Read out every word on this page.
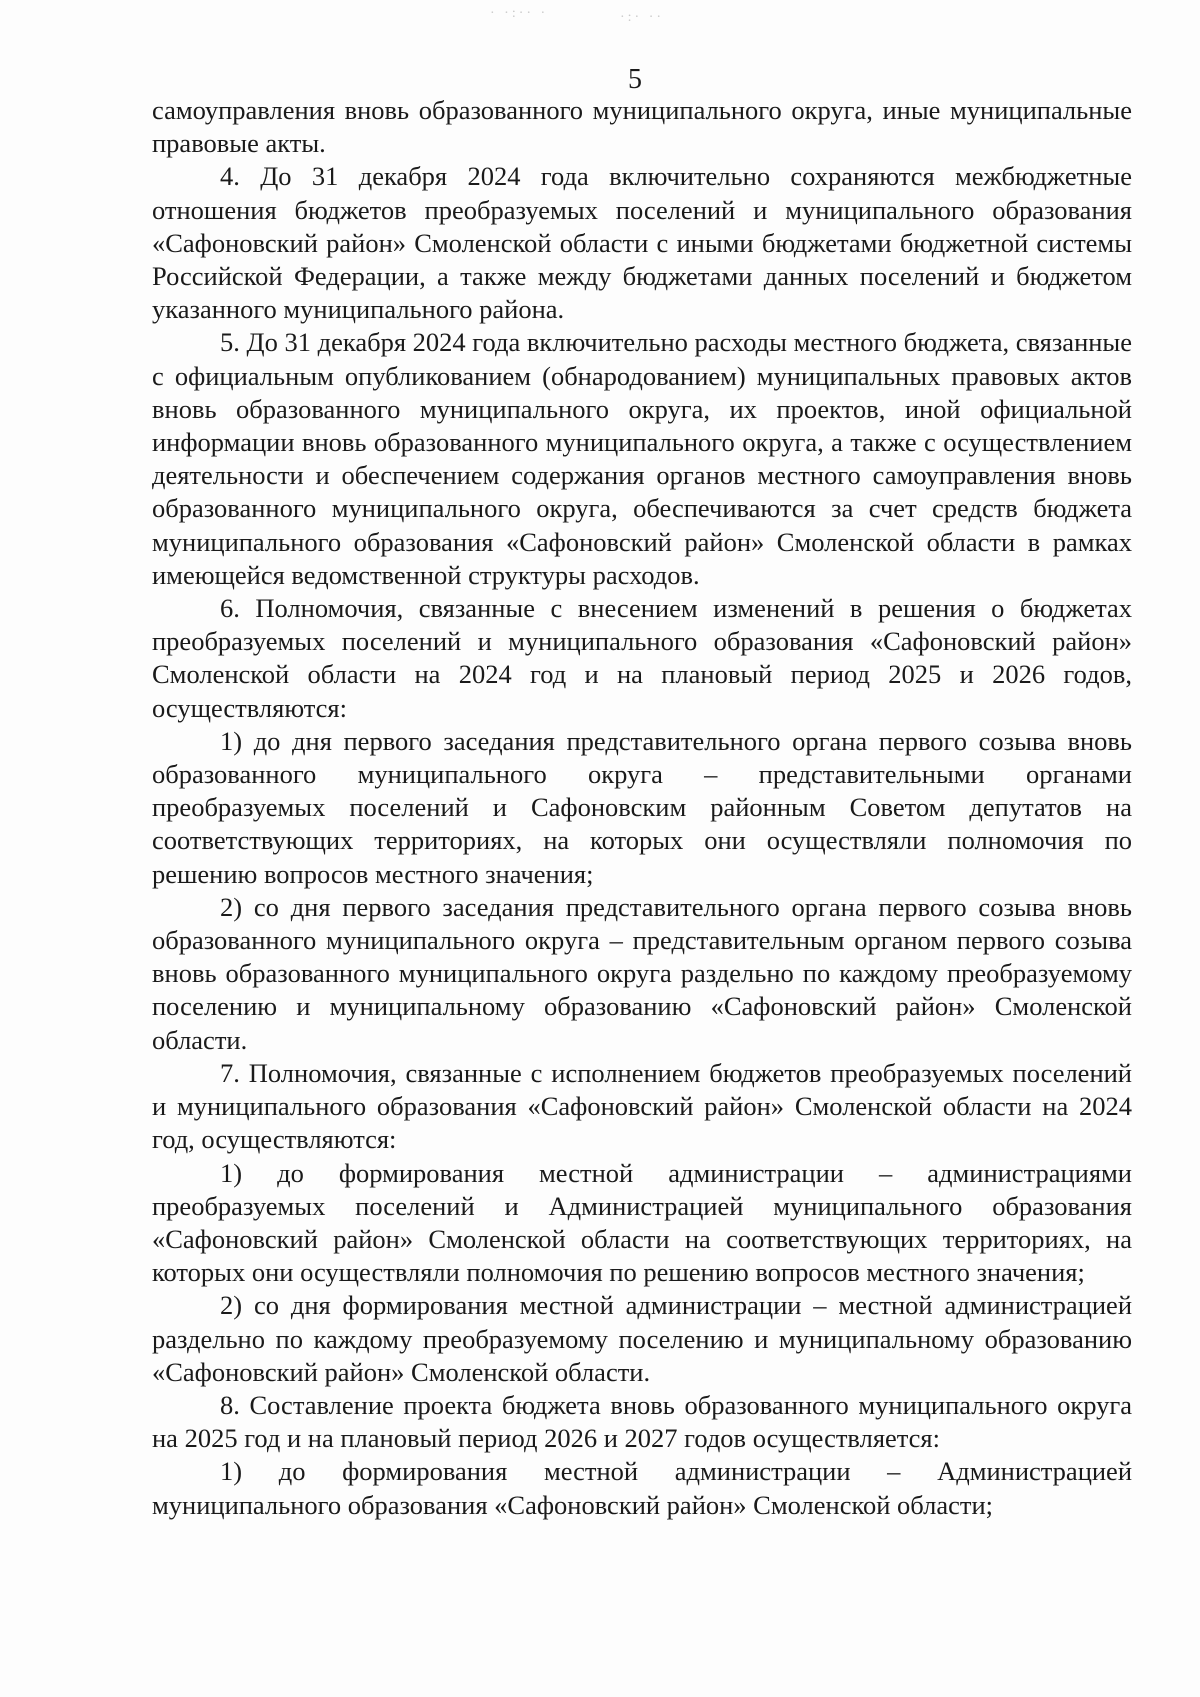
· ·:·· ·	·:· ··
5

самоуправления вновь образованного муниципального округа, иные муниципальные правовые акты.

4. До 31 декабря 2024 года включительно сохраняются межбюджетные отношения бюджетов преобразуемых поселений и муниципального образования «Сафоновский район» Смоленской области с иными бюджетами бюджетной системы Российской Федерации, а также между бюджетами данных поселений и бюджетом указанного муниципального района.

5. До 31 декабря 2024 года включительно расходы местного бюджета, связанные с официальным опубликованием (обнародованием) муниципальных правовых актов вновь образованного муниципального округа, их проектов, иной официальной информации вновь образованного муниципального округа, а также с осуществлением деятельности и обеспечением содержания органов местного самоуправления вновь образованного муниципального округа, обеспечиваются за счет средств бюджета муниципального образования «Сафоновский район» Смоленской области в рамках имеющейся ведомственной структуры расходов.

6. Полномочия, связанные с внесением изменений в решения о бюджетах преобразуемых поселений и муниципального образования «Сафоновский район» Смоленской области на 2024 год и на плановый период 2025 и 2026 годов, осуществляются:

1) до дня первого заседания представительного органа первого созыва вновь образованного муниципального округа – представительными органами преобразуемых поселений и Сафоновским районным Советом депутатов на соответствующих территориях, на которых они осуществляли полномочия по решению вопросов местного значения;

2) со дня первого заседания представительного органа первого созыва вновь образованного муниципального округа – представительным органом первого созыва вновь образованного муниципального округа раздельно по каждому преобразуемому поселению и муниципальному образованию «Сафоновский район» Смоленской области.

7. Полномочия, связанные с исполнением бюджетов преобразуемых поселений и муниципального образования «Сафоновский район» Смоленской области на 2024 год, осуществляются:

1) до формирования местной администрации – администрациями преобразуемых поселений и Администрацией муниципального образования «Сафоновский район» Смоленской области на соответствующих территориях, на которых они осуществляли полномочия по решению вопросов местного значения;

2) со дня формирования местной администрации – местной администрацией раздельно по каждому преобразуемому поселению и муниципальному образованию «Сафоновский район» Смоленской области.

8. Составление проекта бюджета вновь образованного муниципального округа на 2025 год и на плановый период 2026 и 2027 годов осуществляется:

1) до формирования местной администрации – Администрацией муниципального образования «Сафоновский район» Смоленской области;
